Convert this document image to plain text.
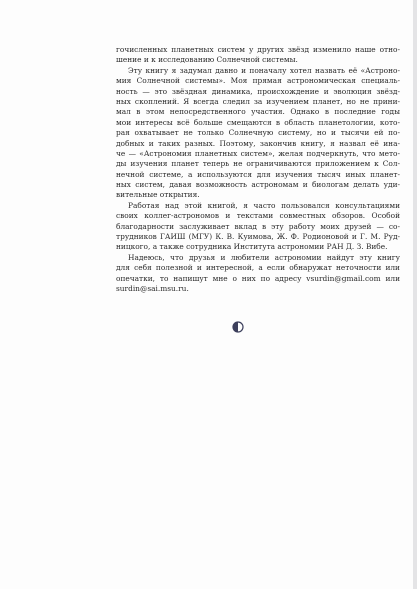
гочисленных планетных систем у других звёзд изменило наше отно-
шение и к исследованию Солнечной системы.
Эту книгу я задумал давно и поначалу хотел назвать её «Астроно-
мия Солнечной системы». Моя прямая астрономическая специаль-
ность — это звёздная динамика, происхождение и эволюция звёзд-
ных скоплений. Я всегда следил за изучением планет, но не прини-
мал в этом непосредственного участия. Однако в последние годы
мои интересы всё больше смещаются в область планетологии, кото-
рая охватывает не только Солнечную систему, но и тысячи ей по-
добных и таких разных. Поэтому, закончив книгу, я назвал её ина-
че — «Астрономия планетных систем», желая подчеркнуть, что мето-
ды изучения планет теперь не ограничиваются приложением к Сол-
нечной системе, а используются для изучения тысяч иных планет-
ных систем, давая возможность астрономам и биологам делать уди-
вительные открытия.
Работая над этой книгой, я часто пользовался консультациями
своих коллег-астрономов и текстами совместных обзоров. Особой
благодарности заслуживает вклад в эту работу моих друзей — со-
трудников ГАИШ (МГУ) К. В. Куимова, Ж. Ф. Родионовой и Г. М. Руд-
ницкого, а также сотрудника Института астрономии РАН Д. З. Вибе.
Надеюсь, что друзья и любители астрономии найдут эту книгу
для себя полезной и интересной, а если обнаружат неточности или
опечатки, то напишут мне о них по адресу vsurdin@gmail.com или
surdin@sai.msu.ru.
